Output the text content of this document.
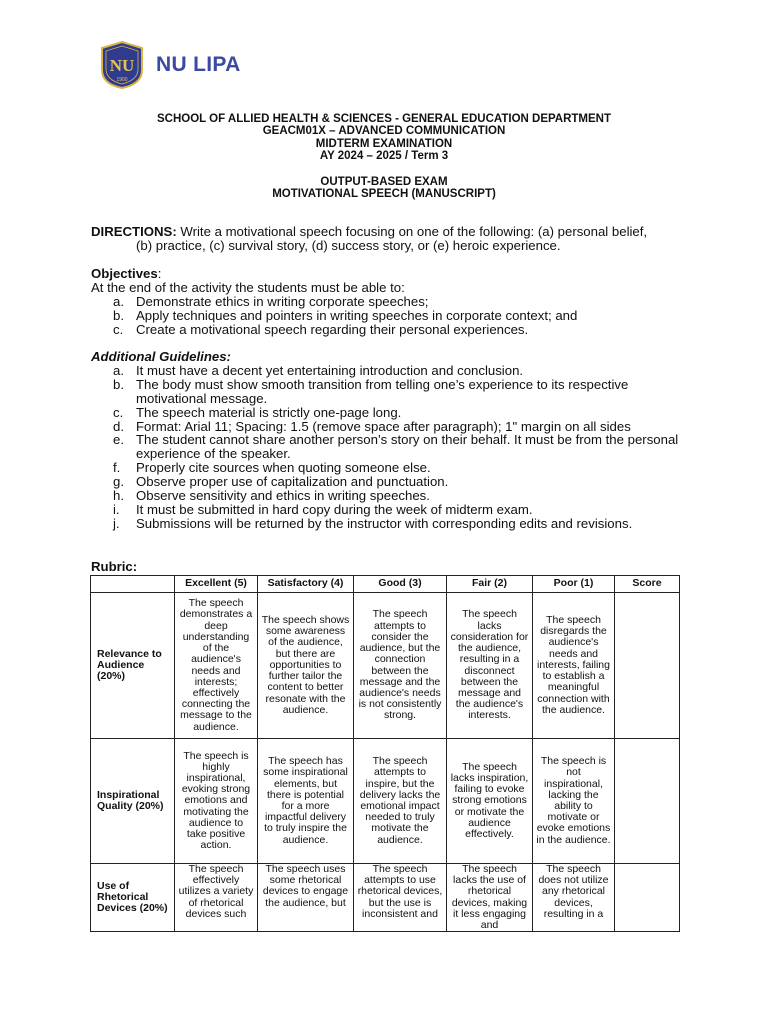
NU
1900
NU LIPA
SCHOOL OF ALLIED HEALTH & SCIENCES - GENERAL EDUCATION DEPARTMENT
GEACM01X – ADVANCED COMMUNICATION
MIDTERM EXAMINATION
AY 2024 – 2025 / Term 3
OUTPUT-BASED EXAM
MOTIVATIONAL SPEECH (MANUSCRIPT)
DIRECTIONS: Write a motivational speech focusing on one of the following: (a) personal belief,
(b) practice, (c) survival story, (d) success story, or (e) heroic experience.
Objectives:
At the end of the activity the students must be able to:
a. Demonstrate ethics in writing corporate speeches;
b. Apply techniques and pointers in writing speeches in corporate context; and
c. Create a motivational speech regarding their personal experiences.
Additional Guidelines:
a. It must have a decent yet entertaining introduction and conclusion.
b. The body must show smooth transition from telling one’s experience to its respective motivational message.
c. The speech material is strictly one-page long.
d. Format: Arial 11; Spacing: 1.5 (remove space after paragraph); 1" margin on all sides
e. The student cannot share another person’s story on their behalf. It must be from the personal experience of the speaker.
f. Properly cite sources when quoting someone else.
g. Observe proper use of capitalization and punctuation.
h. Observe sensitivity and ethics in writing speeches.
i. It must be submitted in hard copy during the week of midterm exam.
j. Submissions will be returned by the instructor with corresponding edits and revisions.
Rubric:
	Excellent (5)	Satisfactory (4)	Good (3)	Fair (2)	Poor (1)	Score
Relevance to Audience (20%)	The speech demonstrates a deep understanding of the audience's needs and interests; effectively connecting the message to the audience.	The speech shows some awareness of the audience, but there are opportunities to further tailor the content to better resonate with the audience.	The speech attempts to consider the audience, but the connection between the message and the audience's needs is not consistently strong.	The speech lacks consideration for the audience, resulting in a disconnect between the message and the audience's interests.	The speech disregards the audience's needs and interests, failing to establish a meaningful connection with the audience.	
Inspirational Quality (20%)	The speech is highly inspirational, evoking strong emotions and motivating the audience to take positive action.	The speech has some inspirational elements, but there is potential for a more impactful delivery to truly inspire the audience.	The speech attempts to inspire, but the delivery lacks the emotional impact needed to truly motivate the audience.	The speech lacks inspiration, failing to evoke strong emotions or motivate the audience effectively.	The speech is not inspirational, lacking the ability to motivate or evoke emotions in the audience.	
Use of Rhetorical Devices (20%)	The speech effectively utilizes a variety of rhetorical devices such	The speech uses some rhetorical devices to engage the audience, but	The speech attempts to use rhetorical devices, but the use is inconsistent and	The speech lacks the use of rhetorical devices, making it less engaging and	The speech does not utilize any rhetorical devices, resulting in a	
